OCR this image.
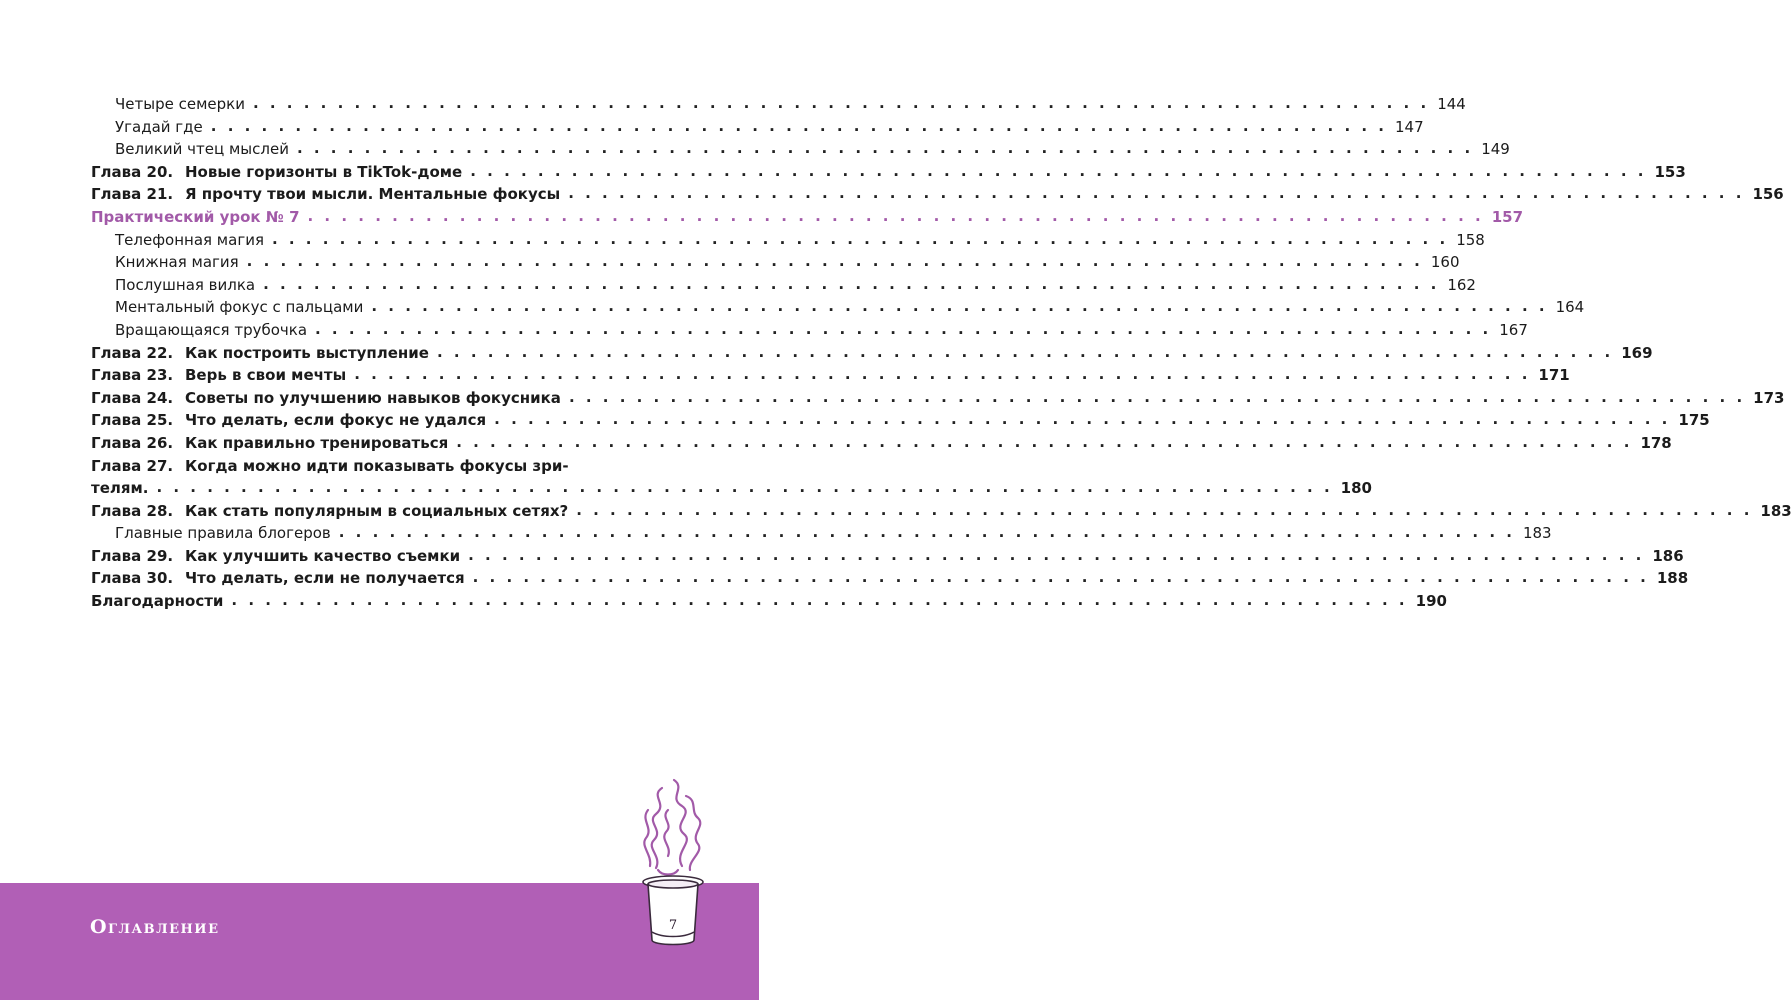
Четыре семерки . . . . . . . . . . . . . . . . . . . . . . . . . . . . . . . . . . . . . . . . . . . . . . . . . . . . . . . . . . . . . . . . . . . . . . 144
Угадай где . . . . . . . . . . . . . . . . . . . . . . . . . . . . . . . . . . . . . . . . . . . . . . . . . . . . . . . . . . . . . . . . . . . . . . 147
Великий чтец мыслей . . . . . . . . . . . . . . . . . . . . . . . . . . . . . . . . . . . . . . . . . . . . . . . . . . . . . . . . . . . . . . . . . . . . . . 149
Глава 20. Новые горизонты в TikTok-доме . . . . . . . . . . . . . . . . . . . . . . . . . . . . . . . . . . . . . . . . . . . . . . . . . . . . . . . . . . . . . . . . . . . . . . 153
Глава 21. Я прочту твои мысли. Ментальные фокусы . . . . . . . . . . . . . . . . . . . . . . . . . . . . . . . . . . . . . . . . . . . . . . . . . . . . . . . . . . . . . . . . . . . . . . 156
Практический урок № 7 . . . . . . . . . . . . . . . . . . . . . . . . . . . . . . . . . . . . . . . . . . . . . . . . . . . . . . . . . . . . . . . . . . . . . . 157
Телефонная магия . . . . . . . . . . . . . . . . . . . . . . . . . . . . . . . . . . . . . . . . . . . . . . . . . . . . . . . . . . . . . . . . . . . . . . 158
Книжная магия . . . . . . . . . . . . . . . . . . . . . . . . . . . . . . . . . . . . . . . . . . . . . . . . . . . . . . . . . . . . . . . . . . . . . . 160
Послушная вилка . . . . . . . . . . . . . . . . . . . . . . . . . . . . . . . . . . . . . . . . . . . . . . . . . . . . . . . . . . . . . . . . . . . . . . 162
Ментальный фокус с пальцами . . . . . . . . . . . . . . . . . . . . . . . . . . . . . . . . . . . . . . . . . . . . . . . . . . . . . . . . . . . . . . . . . . . . . . 164
Вращающаяся трубочка . . . . . . . . . . . . . . . . . . . . . . . . . . . . . . . . . . . . . . . . . . . . . . . . . . . . . . . . . . . . . . . . . . . . . . 167
Глава 22. Как построить выступление . . . . . . . . . . . . . . . . . . . . . . . . . . . . . . . . . . . . . . . . . . . . . . . . . . . . . . . . . . . . . . . . . . . . . . 169
Глава 23. Верь в свои мечты . . . . . . . . . . . . . . . . . . . . . . . . . . . . . . . . . . . . . . . . . . . . . . . . . . . . . . . . . . . . . . . . . . . . . . 171
Глава 24. Советы по улучшению навыков фокусника . . . . . . . . . . . . . . . . . . . . . . . . . . . . . . . . . . . . . . . . . . . . . . . . . . . . . . . . . . . . . . . . . . . . . . 173
Глава 25. Что делать, если фокус не удался . . . . . . . . . . . . . . . . . . . . . . . . . . . . . . . . . . . . . . . . . . . . . . . . . . . . . . . . . . . . . . . . . . . . . . 175
Глава 26. Как правильно тренироваться . . . . . . . . . . . . . . . . . . . . . . . . . . . . . . . . . . . . . . . . . . . . . . . . . . . . . . . . . . . . . . . . . . . . . . 178
Глава 27. Когда можно идти показывать фокусы зри-
телям. . . . . . . . . . . . . . . . . . . . . . . . . . . . . . . . . . . . . . . . . . . . . . . . . . . . . . . . . . . . . . . . . . . . . . . 180
Глава 28. Как стать популярным в социальных сетях? . . . . . . . . . . . . . . . . . . . . . . . . . . . . . . . . . . . . . . . . . . . . . . . . . . . . . . . . . . . . . . . . . . . . . . 183
Главные правила блогеров . . . . . . . . . . . . . . . . . . . . . . . . . . . . . . . . . . . . . . . . . . . . . . . . . . . . . . . . . . . . . . . . . . . . . . 183
Глава 29. Как улучшить качество съемки . . . . . . . . . . . . . . . . . . . . . . . . . . . . . . . . . . . . . . . . . . . . . . . . . . . . . . . . . . . . . . . . . . . . . . 186
Глава 30. Что делать, если не получается . . . . . . . . . . . . . . . . . . . . . . . . . . . . . . . . . . . . . . . . . . . . . . . . . . . . . . . . . . . . . . . . . . . . . . 188
Благодарности . . . . . . . . . . . . . . . . . . . . . . . . . . . . . . . . . . . . . . . . . . . . . . . . . . . . . . . . . . . . . . . . . . . . . . 190
Оглавление	7
